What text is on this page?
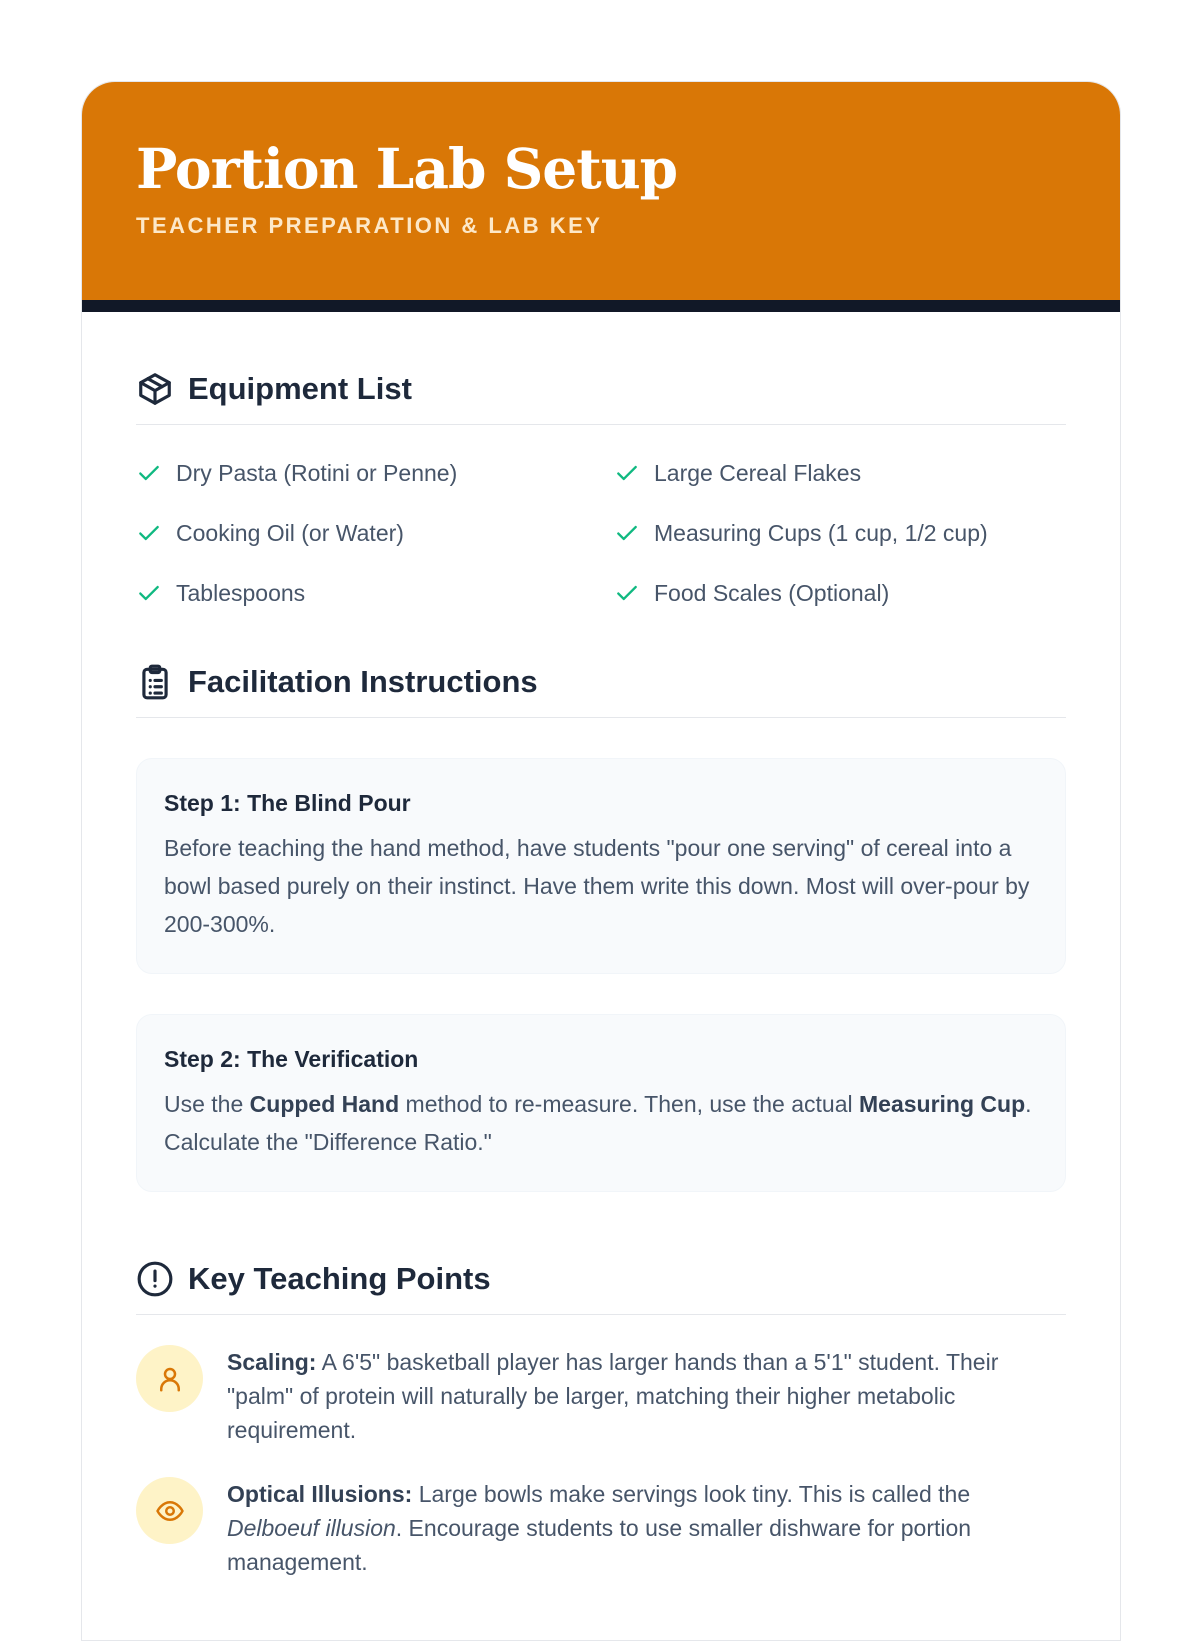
Portion Lab Setup
TEACHER PREPARATION & LAB KEY
Equipment List
Dry Pasta (Rotini or Penne)	Large Cereal Flakes
Cooking Oil (or Water)	Measuring Cups (1 cup, 1/2 cup)
Tablespoons	Food Scales (Optional)
Facilitation Instructions
Step 1: The Blind Pour
Before teaching the hand method, have students "pour one serving" of cereal into a bowl based purely on their instinct. Have them write this down. Most will over-pour by 200-300%.
Step 2: The Verification
Use the Cupped Hand method to re-measure. Then, use the actual Measuring Cup. Calculate the "Difference Ratio."
Key Teaching Points
Scaling: A 6'5" basketball player has larger hands than a 5'1" student. Their "palm" of protein will naturally be larger, matching their higher metabolic requirement.
Optical Illusions: Large bowls make servings look tiny. This is called the Delboeuf illusion. Encourage students to use smaller dishware for portion management.
